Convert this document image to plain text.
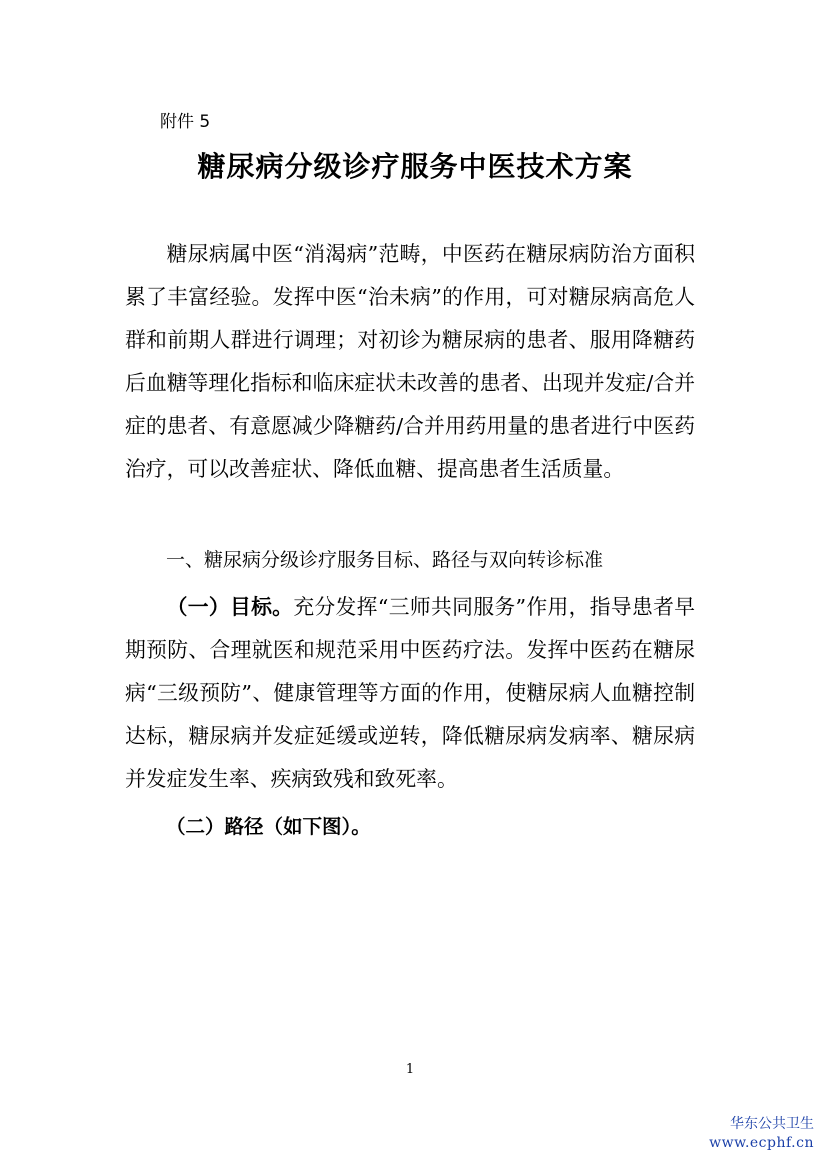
附件 5

糖尿病分级诊疗服务中医技术方案

糖尿病属中医“消渴病”范畴，中医药在糖尿病防治方面积累了丰富经验。发挥中医“治未病”的作用，可对糖尿病高危人群和前期人群进行调理；对初诊为糖尿病的患者、服用降糖药后血糖等理化指标和临床症状未改善的患者、出现并发症/合并症的患者、有意愿减少降糖药/合并用药用量的患者进行中医药治疗，可以改善症状、降低血糖、提高患者生活质量。

一、糖尿病分级诊疗服务目标、路径与双向转诊标准

（一）目标。充分发挥“三师共同服务”作用，指导患者早期预防、合理就医和规范采用中医药疗法。发挥中医药在糖尿病“三级预防”、健康管理等方面的作用，使糖尿病人血糖控制达标，糖尿病并发症延缓或逆转，降低糖尿病发病率、糖尿病并发症发生率、疾病致残和致死率。

（二）路径（如下图）。

1

华东公共卫生
www.ecphf.cn
